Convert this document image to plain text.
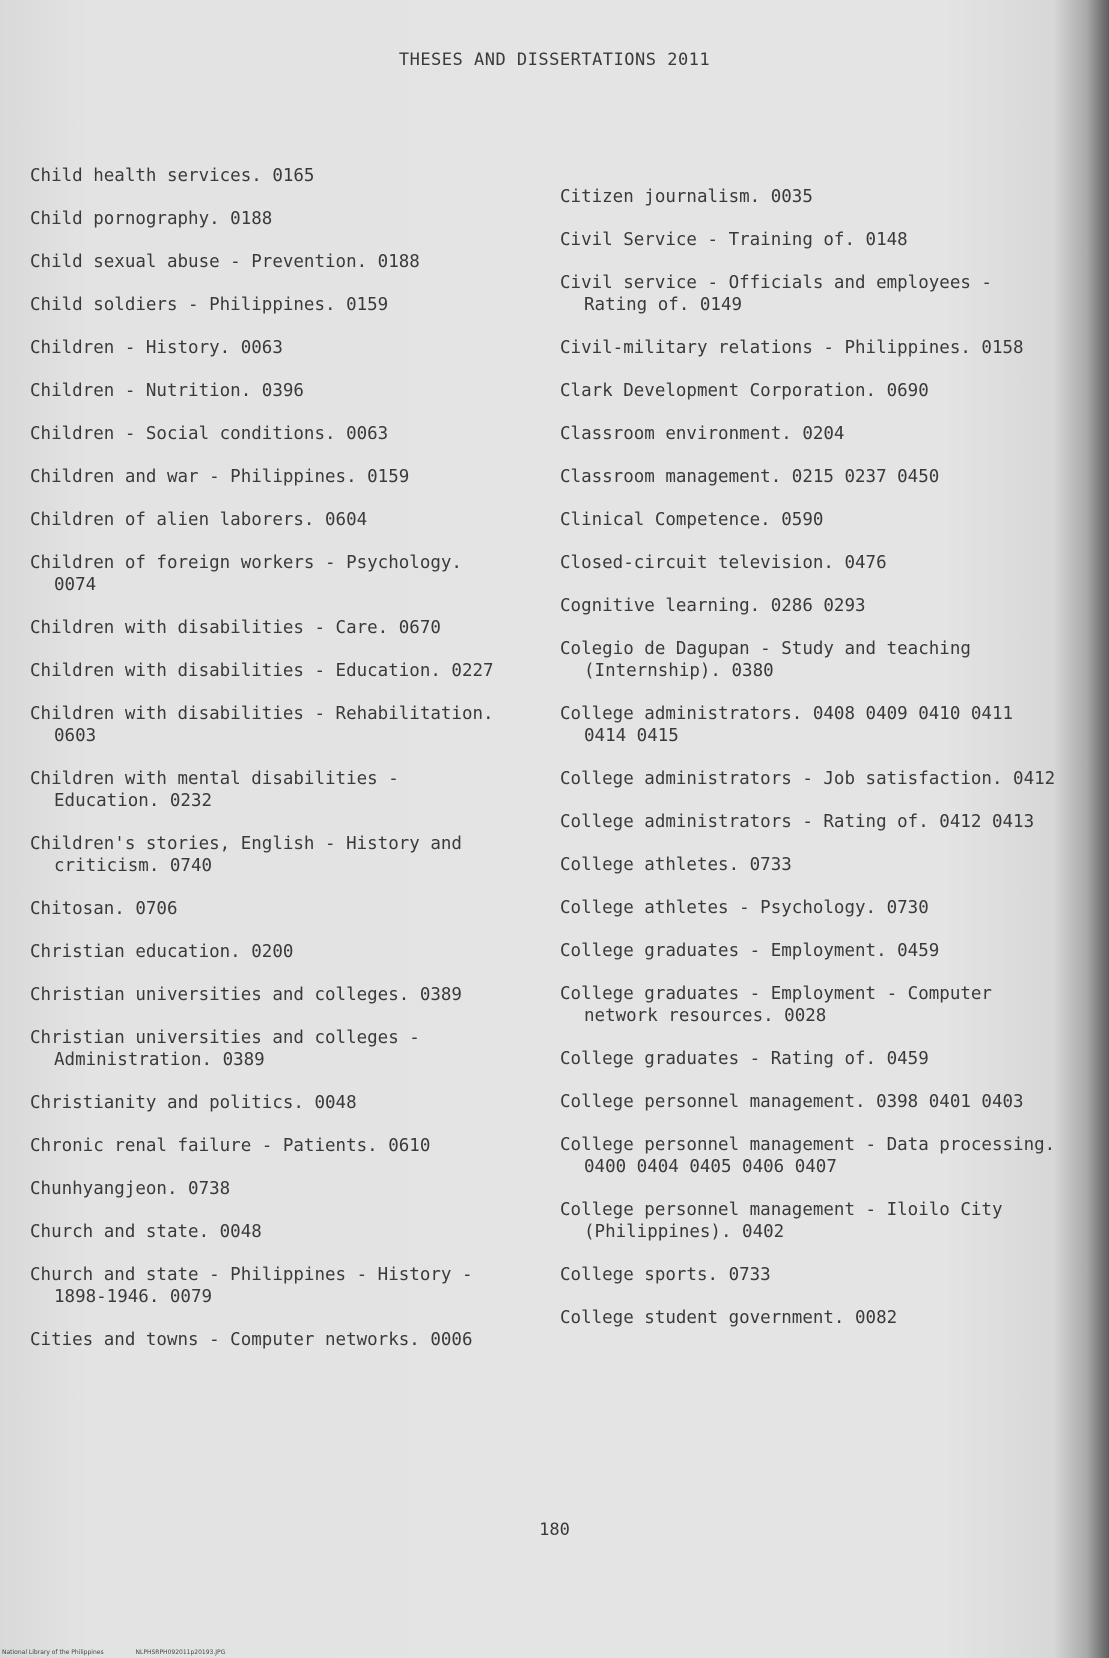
THESES AND DISSERTATIONS 2011
Child health services. 0165
Child pornography. 0188
Child sexual abuse - Prevention. 0188
Child soldiers - Philippines. 0159
Children - History. 0063
Children - Nutrition. 0396
Children - Social conditions. 0063
Children and war - Philippines. 0159
Children of alien laborers. 0604
Children of foreign workers - Psychology. 0074
Children with disabilities - Care. 0670
Children with disabilities - Education. 0227
Children with disabilities - Rehabilitation. 0603
Children with mental disabilities - Education. 0232
Children's stories, English - History and criticism. 0740
Chitosan. 0706
Christian education. 0200
Christian universities and colleges. 0389
Christian universities and colleges - Administration. 0389
Christianity and politics. 0048
Chronic renal failure - Patients. 0610
Chunhyangjeon. 0738
Church and state. 0048
Church and state - Philippines - History - 1898-1946. 0079
Cities and towns - Computer networks. 0006
Citizen journalism. 0035
Civil Service - Training of. 0148
Civil service - Officials and employees - Rating of. 0149
Civil-military relations - Philippines. 0158
Clark Development Corporation. 0690
Classroom environment. 0204
Classroom management. 0215 0237 0450
Clinical Competence. 0590
Closed-circuit television. 0476
Cognitive learning. 0286 0293
Colegio de Dagupan - Study and teaching (Internship). 0380
College administrators. 0408 0409 0410 0411 0414 0415
College administrators - Job satisfaction. 0412
College administrators - Rating of. 0412 0413
College athletes. 0733
College athletes - Psychology. 0730
College graduates - Employment. 0459
College graduates - Employment - Computer network resources. 0028
College graduates - Rating of. 0459
College personnel management. 0398 0401 0403
College personnel management - Data processing. 0400 0404 0405 0406 0407
College personnel management - Iloilo City (Philippines). 0402
College sports. 0733
College student government. 0082
180
National Library of the Philippines	NLPHSRPH092011p20193.JPG
